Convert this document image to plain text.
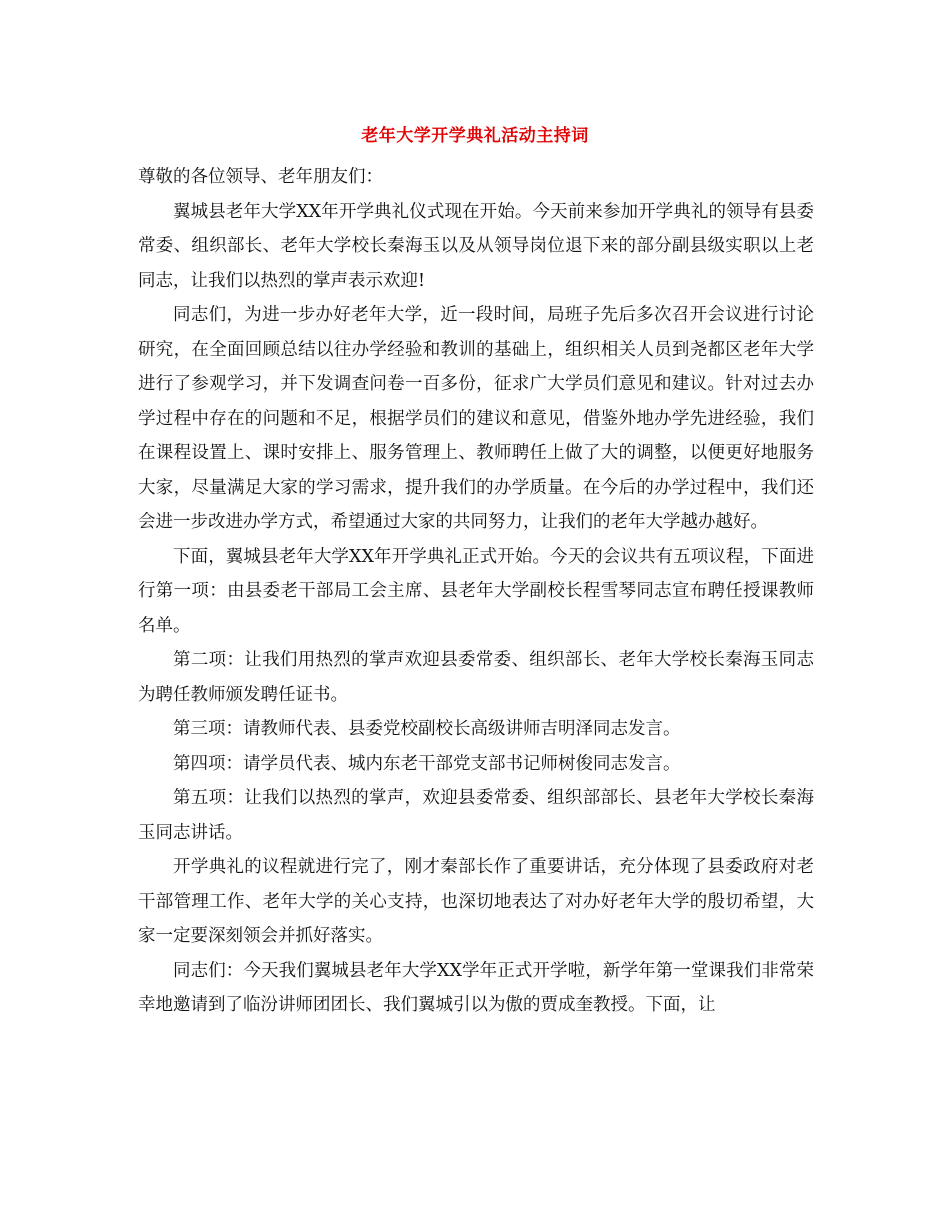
老年大学开学典礼活动主持词

尊敬的各位领导、老年朋友们：

翼城县老年大学XX年开学典礼仪式现在开始。今天前来参加开学典礼的领导有县委常委、组织部长、老年大学校长秦海玉以及从领导岗位退下来的部分副县级实职以上老同志，让我们以热烈的掌声表示欢迎!

同志们，为进一步办好老年大学，近一段时间，局班子先后多次召开会议进行讨论研究，在全面回顾总结以往办学经验和教训的基础上，组织相关人员到尧都区老年大学进行了参观学习，并下发调查问卷一百多份，征求广大学员们意见和建议。针对过去办学过程中存在的问题和不足，根据学员们的建议和意见，借鉴外地办学先进经验，我们在课程设置上、课时安排上、服务管理上、教师聘任上做了大的调整，以便更好地服务大家，尽量满足大家的学习需求，提升我们的办学质量。在今后的办学过程中，我们还会进一步改进办学方式，希望通过大家的共同努力，让我们的老年大学越办越好。

下面，翼城县老年大学XX年开学典礼正式开始。今天的会议共有五项议程，下面进行第一项：由县委老干部局工会主席、县老年大学副校长程雪琴同志宣布聘任授课教师名单。

第二项：让我们用热烈的掌声欢迎县委常委、组织部长、老年大学校长秦海玉同志为聘任教师颁发聘任证书。

第三项：请教师代表、县委党校副校长高级讲师吉明泽同志发言。

第四项：请学员代表、城内东老干部党支部书记师树俊同志发言。

第五项：让我们以热烈的掌声，欢迎县委常委、组织部部长、县老年大学校长秦海玉同志讲话。

开学典礼的议程就进行完了，刚才秦部长作了重要讲话，充分体现了县委政府对老干部管理工作、老年大学的关心支持，也深切地表达了对办好老年大学的殷切希望，大家一定要深刻领会并抓好落实。

同志们：今天我们翼城县老年大学XX学年正式开学啦，新学年第一堂课我们非常荣幸地邀请到了临汾讲师团团长、我们翼城引以为傲的贾成奎教授。下面，让
